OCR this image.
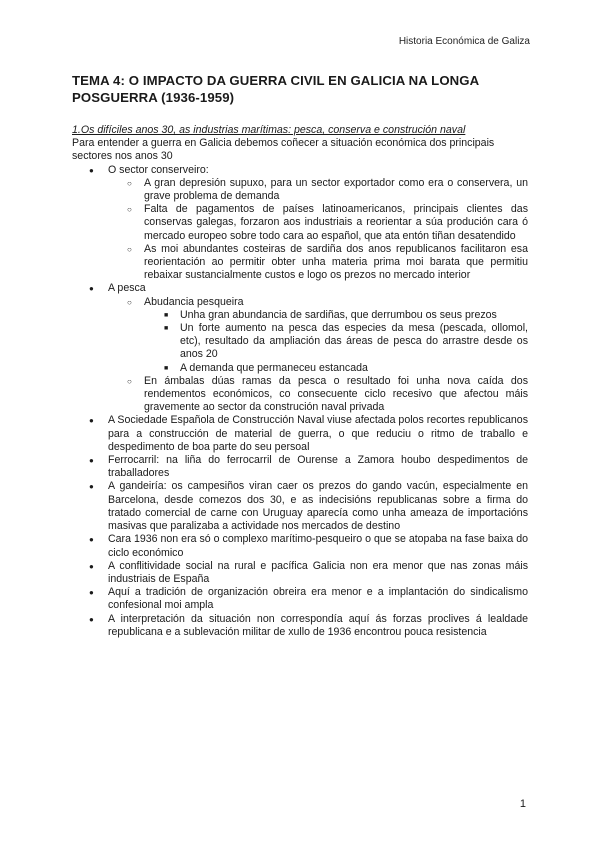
Historia Económica de Galiza
TEMA 4: O IMPACTO DA GUERRA CIVIL EN GALICIA NA LONGA POSGUERRA (1936-1959)

1.Os difíciles anos 30, as industrias marítimas: pesca, conserva e construción naval

Para entender a guerra en Galicia debemos coñecer a situación económica dos principais sectores nos anos 30

● O sector conserveiro:
○ A gran depresión supuxo, para un sector exportador como era o conservera, un grave problema de demanda
○ Falta de pagamentos de países latinoamericanos, principais clientes das conservas galegas, forzaron aos industriais a reorientar a súa produción cara ó mercado europeo sobre todo cara ao español, que ata entón tiñan desatendido
○ As moi abundantes costeiras de sardiña dos anos republicanos facilitaron esa reorientación ao permitir obter unha materia prima moi barata que permitiu rebaixar sustancialmente custos e logo os prezos no mercado interior
● A pesca
○ Abudancia pesqueira
■ Unha gran abundancia de sardiñas, que derrumbou os seus prezos
■ Un forte aumento na pesca das especies da mesa (pescada, ollomol, etc), resultado da ampliación das áreas de pesca do arrastre desde os anos 20
■ A demanda que permaneceu estancada
○ En ámbalas dúas ramas da pesca o resultado foi unha nova caída dos rendementos económicos, co consecuente ciclo recesivo que afectou máis gravemente ao sector da construción naval privada
● A Sociedade Española de Construcción Naval viuse afectada polos recortes republicanos para a construcción de material de guerra, o que reduciu o ritmo de traballo e despedimento de boa parte do seu persoal
● Ferrocarril: na liña do ferrocarril de Ourense a Zamora houbo despedimentos de traballadores
● A gandeiría: os campesiños viran caer os prezos do gando vacún, especialmente en Barcelona, desde comezos dos 30, e as indecisións republicanas sobre a firma do tratado comercial de carne con Uruguay aparecía como unha ameaza de importacións masivas que paralizaba a actividade nos mercados de destino
● Cara 1936 non era só o complexo marítimo-pesqueiro o que se atopaba na fase baixa do ciclo económico
● A conflitividade social na rural e pacífica Galicia non era menor que nas zonas máis industriais de España
● Aquí a tradición de organización obreira era menor e a implantación do sindicalismo confesional moi ampla
● A interpretación da situación non correspondía aquí ás forzas proclives á lealdade republicana e a sublevación militar de xullo de 1936 encontrou pouca resistencia
1
